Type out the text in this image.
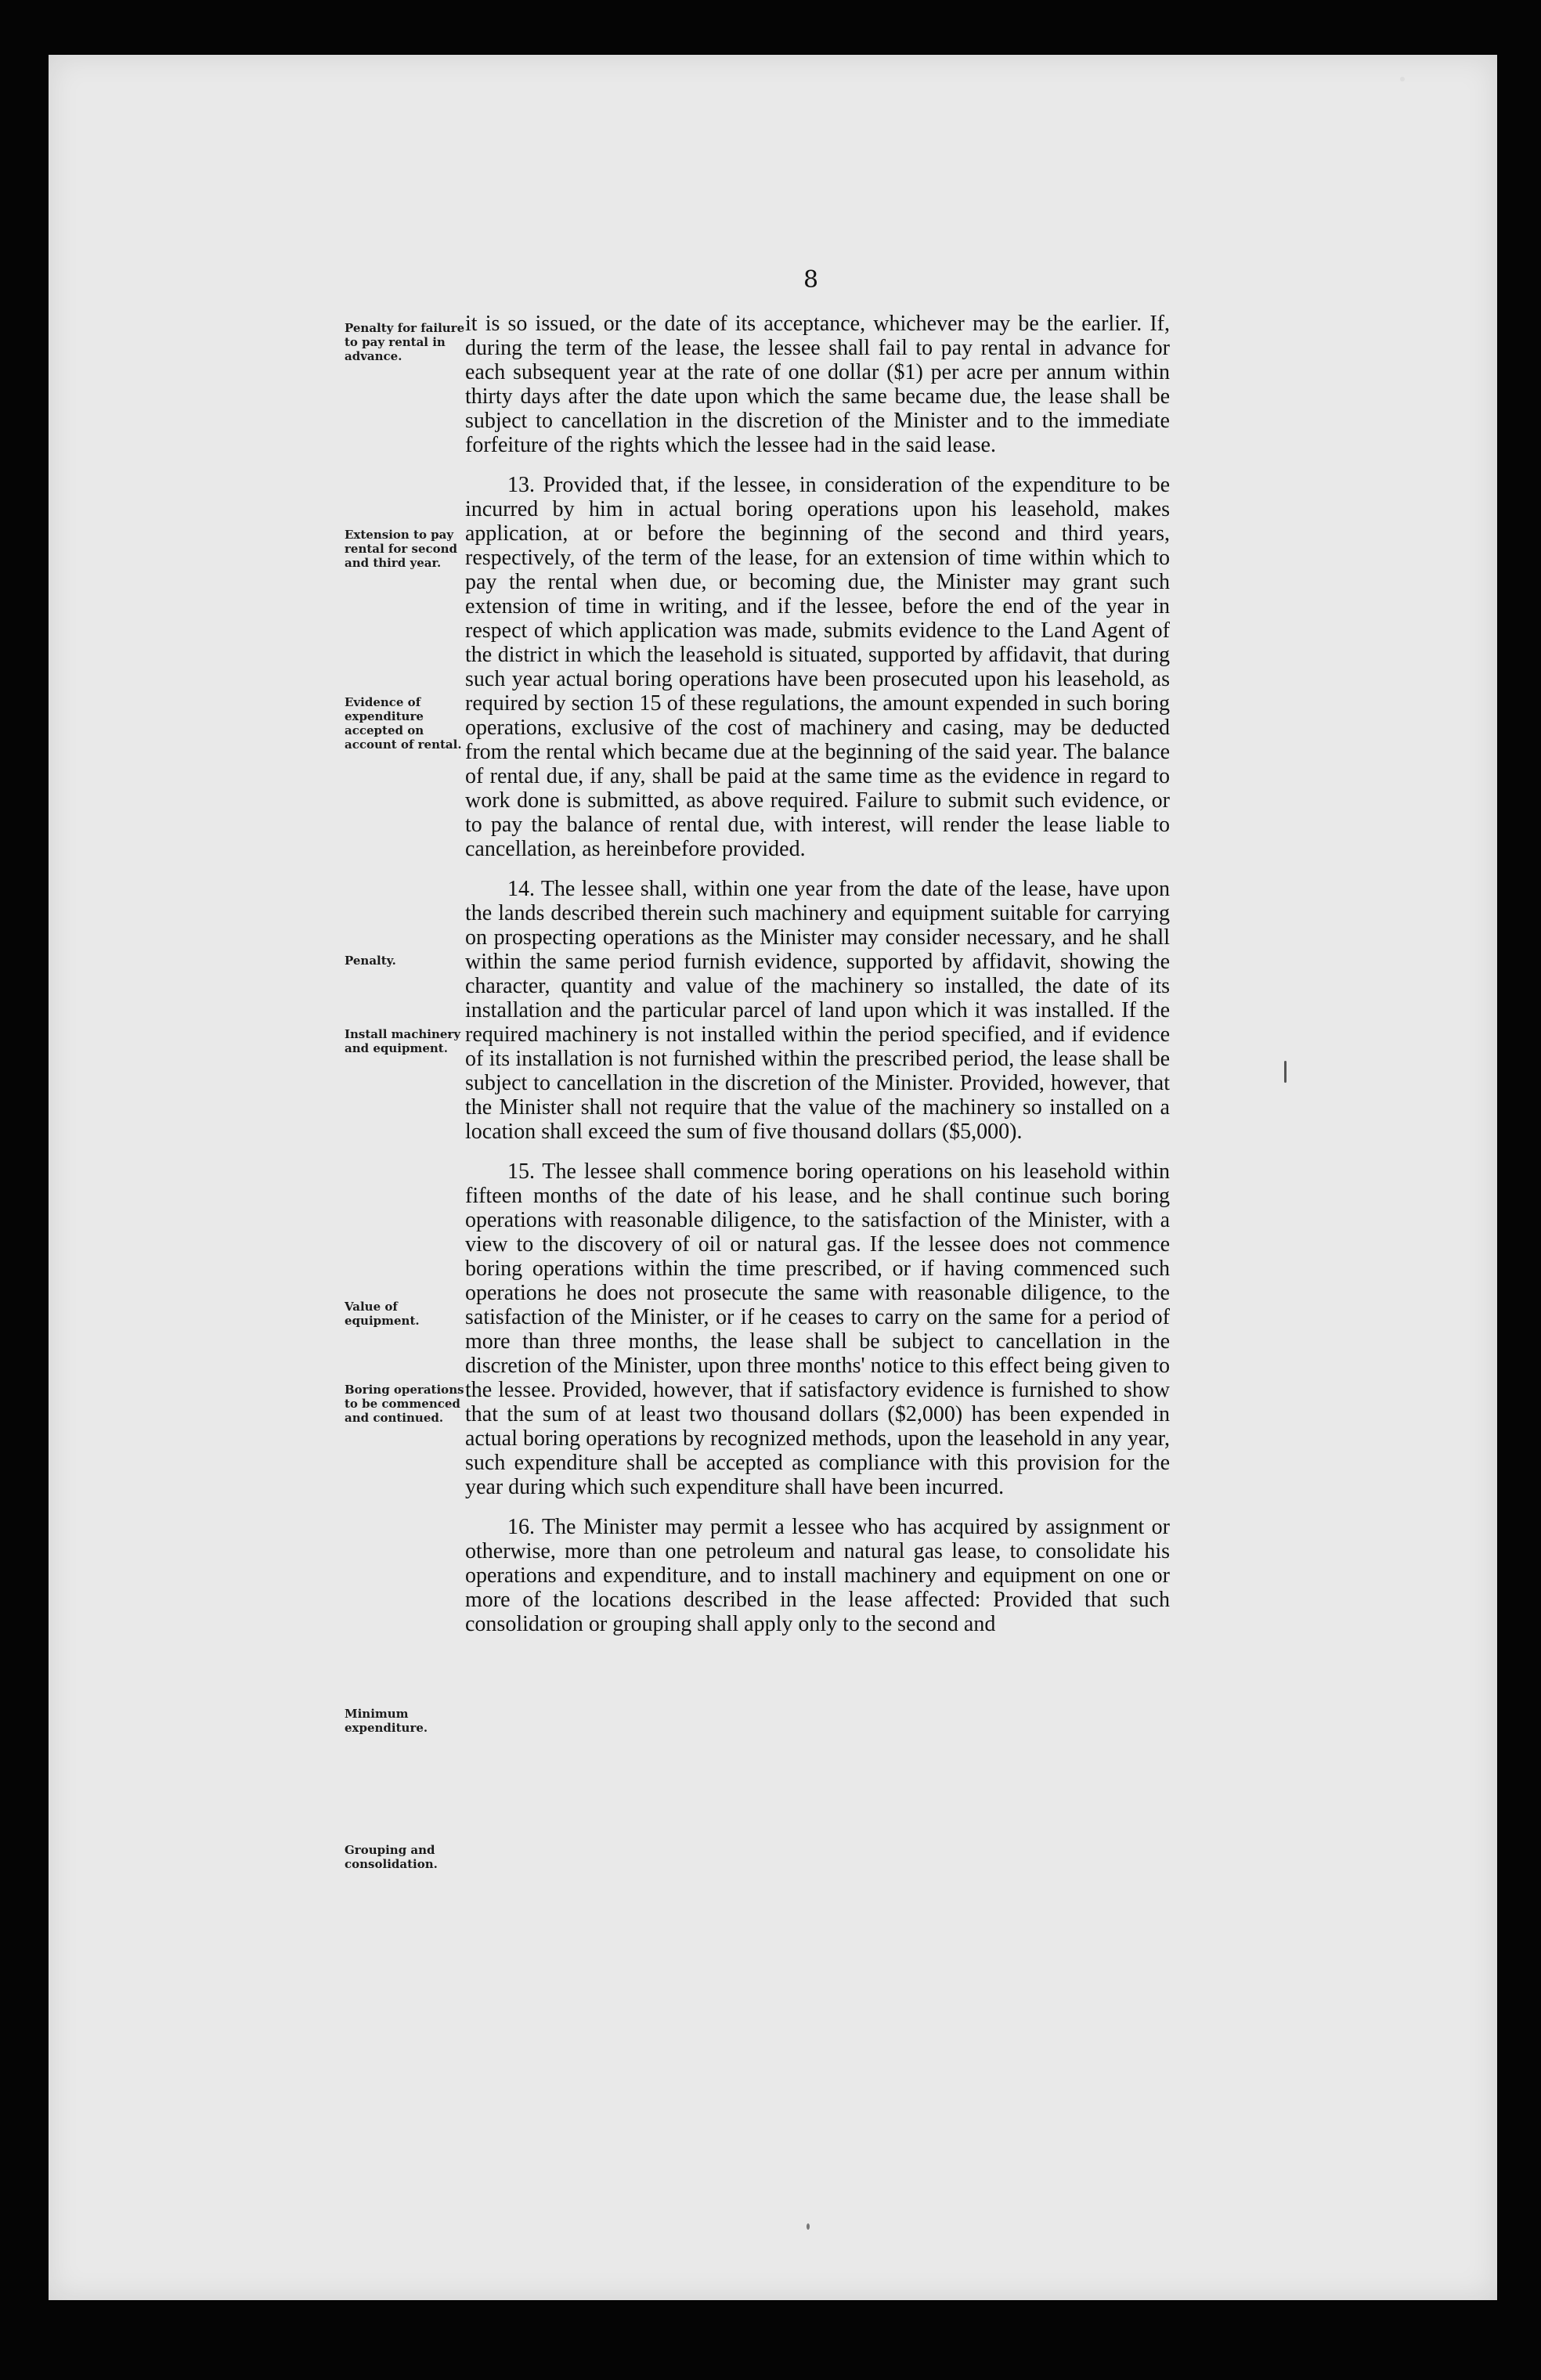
8
Penalty for failure to pay rental in advance.
Extension to pay rental for second and third year.
Evidence of expenditure accepted on account of rental.
Penalty.
Install machinery and equipment.
Value of equipment.
Boring operations to be commenced and continued.
Minimum expenditure.
Grouping and consolidation.

it is so issued, or the date of its acceptance, whichever may be the earlier. If, during the term of the lease, the lessee shall fail to pay rental in advance for each subsequent year at the rate of one dollar ($1) per acre per annum within thirty days after the date upon which the same became due, the lease shall be subject to cancellation in the discretion of the Minister and to the immediate forfeiture of the rights which the lessee had in the said lease.

13. Provided that, if the lessee, in consideration of the expenditure to be incurred by him in actual boring operations upon his leasehold, makes application, at or before the beginning of the second and third years, respectively, of the term of the lease, for an extension of time within which to pay the rental when due, or becoming due, the Minister may grant such extension of time in writing, and if the lessee, before the end of the year in respect of which application was made, submits evidence to the Land Agent of the district in which the leasehold is situated, supported by affidavit, that during such year actual boring operations have been prosecuted upon his leasehold, as required by section 15 of these regulations, the amount expended in such boring operations, exclusive of the cost of machinery and casing, may be deducted from the rental which became due at the beginning of the said year. The balance of rental due, if any, shall be paid at the same time as the evidence in regard to work done is submitted, as above required. Failure to submit such evidence, or to pay the balance of rental due, with interest, will render the lease liable to cancellation, as hereinbefore provided.

14. The lessee shall, within one year from the date of the lease, have upon the lands described therein such machinery and equipment suitable for carrying on prospecting operations as the Minister may consider necessary, and he shall within the same period furnish evidence, supported by affidavit, showing the character, quantity and value of the machinery so installed, the date of its installation and the particular parcel of land upon which it was installed. If the required machinery is not installed within the period specified, and if evidence of its installation is not furnished within the prescribed period, the lease shall be subject to cancellation in the discretion of the Minister. Provided, however, that the Minister shall not require that the value of the machinery so installed on a location shall exceed the sum of five thousand dollars ($5,000).

15. The lessee shall commence boring operations on his leasehold within fifteen months of the date of his lease, and he shall continue such boring operations with reasonable diligence, to the satisfaction of the Minister, with a view to the discovery of oil or natural gas. If the lessee does not commence boring operations within the time prescribed, or if having commenced such operations he does not prosecute the same with reasonable diligence, to the satisfaction of the Minister, or if he ceases to carry on the same for a period of more than three months, the lease shall be subject to cancellation in the discretion of the Minister, upon three months' notice to this effect being given to the lessee. Provided, however, that if satisfactory evidence is furnished to show that the sum of at least two thousand dollars ($2,000) has been expended in actual boring operations by recognized methods, upon the leasehold in any year, such expenditure shall be accepted as compliance with this provision for the year during which such expenditure shall have been incurred.

16. The Minister may permit a lessee who has acquired by assignment or otherwise, more than one petroleum and natural gas lease, to consolidate his operations and expenditure, and to install machinery and equipment on one or more of the locations described in the lease affected: Provided that such consolidation or grouping shall apply only to the second and
